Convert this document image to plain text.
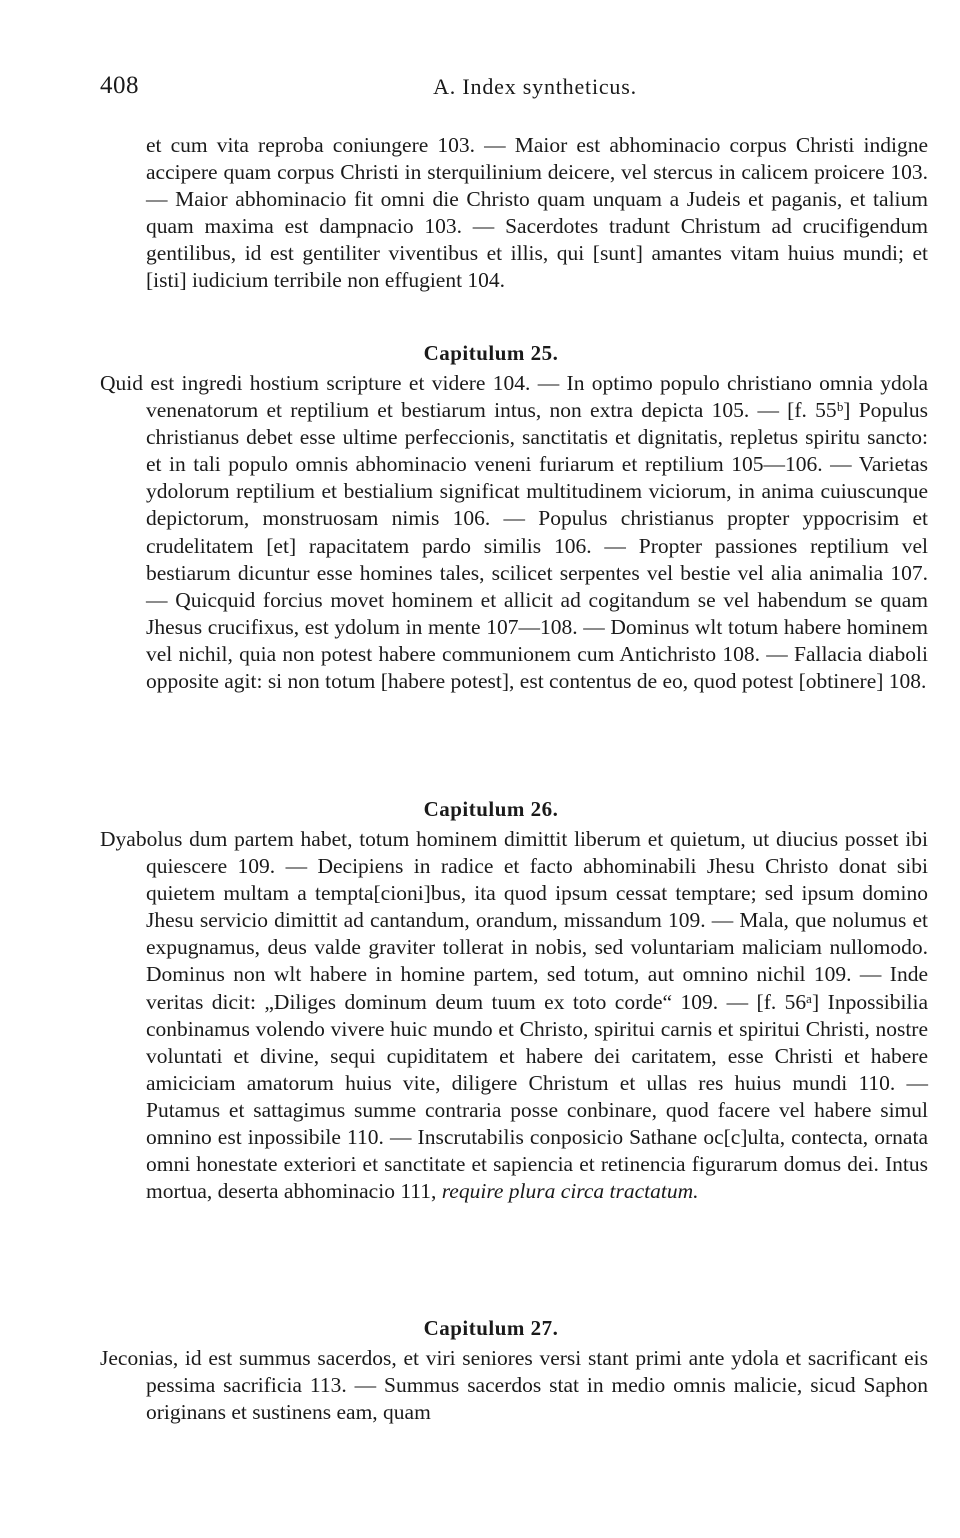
408	A. Index syntheticus.

et cum vita reproba coniungere 103. — Maior est abhominacio corpus Christi indigne accipere quam corpus Christi in sterquilinium deicere, vel stercus in calicem proicere 103. — Maior abhominacio fit omni die Christo quam unquam a Judeis et paganis, et talium quam maxima est dampnacio 103. — Sacerdotes tradunt Christum ad crucifigendum gentilibus, id est gentiliter viventibus et illis, qui [sunt] amantes vitam huius mundi; et [isti] iudicium terribile non effugient 104.

Capitulum 25.

Quid est ingredi hostium scripture et videre 104. — In optimo populo christiano omnia ydola venenatorum et reptilium et bestiarum intus, non extra depicta 105. — [f. 55ᵇ] Populus christianus debet esse ultime perfeccionis, sanctitatis et dignitatis, repletus spiritu sancto: et in tali populo omnis abhominacio veneni furiarum et reptilium 105—106. — Varietas ydolorum reptilium et bestialium significat multitudinem viciorum, in anima cuiuscunque depictorum, monstruosam nimis 106. — Populus christianus propter yppocrisim et crudelitatem [et] rapacitatem pardo similis 106. — Propter passiones reptilium vel bestiarum dicuntur esse homines tales, scilicet serpentes vel bestie vel alia animalia 107. — Quicquid forcius movet hominem et allicit ad cogitandum se vel habendum se quam Jhesus crucifixus, est ydolum in mente 107—108. — Dominus wlt totum habere hominem vel nichil, quia non potest habere communionem cum Antichristo 108. — Fallacia diaboli opposite agit: si non totum [habere potest], est contentus de eo, quod potest [obtinere] 108.

Capitulum 26.

Dyabolus dum partem habet, totum hominem dimittit liberum et quietum, ut diucius posset ibi quiescere 109. — Decipiens in radice et facto abhominabili Jhesu Christo donat sibi quietem multam a tempta[cioni]bus, ita quod ipsum cessat temptare; sed ipsum domino Jhesu servicio dimittit ad cantandum, orandum, missandum 109. — Mala, que nolumus et expugnamus, deus valde graviter tollerat in nobis, sed voluntariam maliciam nullomodo. Dominus non wlt habere in homine partem, sed totum, aut omnino nichil 109. — Inde veritas dicit: „Diliges dominum deum tuum ex toto corde“ 109. — [f. 56ᵃ] Inpossibilia conbinamus volendo vivere huic mundo et Christo, spiritui carnis et spiritui Christi, nostre voluntati et divine, sequi cupiditatem et habere dei caritatem, esse Christi et habere amiciciam amatorum huius vite, diligere Christum et ullas res huius mundi 110. — Putamus et sattagimus summe contraria posse conbinare, quod facere vel habere simul omnino est inpossibile 110. — Inscrutabilis conposicio Sathane oc[c]ulta, contecta, ornata omni honestate exteriori et sanctitate et sapiencia et retinencia figurarum domus dei. Intus mortua, deserta abhominacio 111, require plura circa tractatum.

Capitulum 27.

Jeconias, id est summus sacerdos, et viri seniores versi stant primi ante ydola et sacrificant eis pessima sacrificia 113. — Summus sacerdos stat in medio omnis malicie, sicud Saphon originans et sustinens eam, quam
